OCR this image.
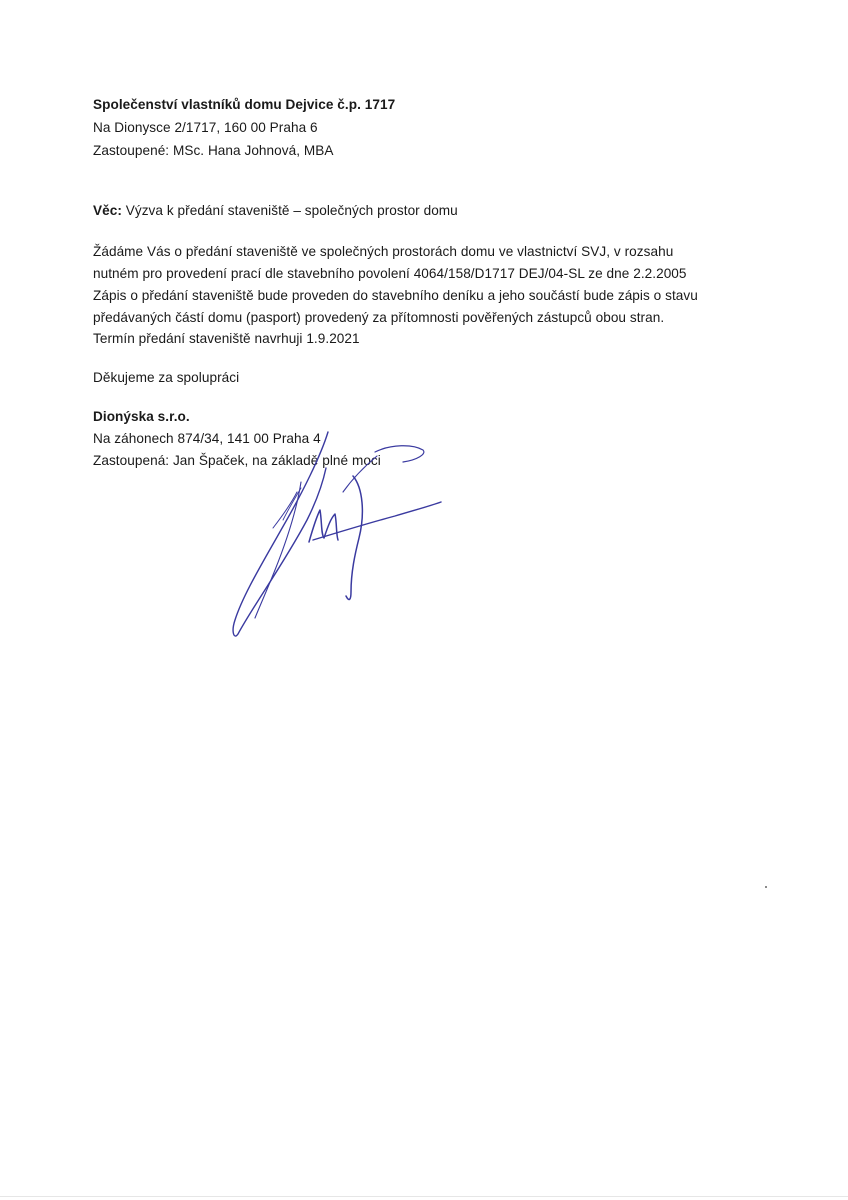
Společenství vlastníků domu Dejvice č.p. 1717
Na Dionysce 2/1717, 160 00 Praha 6
Zastoupené: MSc. Hana Johnová, MBA
Věc: Výzva k předání staveniště – společných prostor domu
Žádáme Vás o předání staveniště ve společných prostorách domu ve vlastnictví SVJ, v rozsahu
nutném pro provedení prací dle stavebního povolení 4064/158/D1717 DEJ/04-SL ze dne 2.2.2005
Zápis o předání staveniště bude proveden do stavebního deníku a jeho součástí bude zápis o stavu
předávaných částí domu (pasport) provedený za přítomnosti pověřených zástupců obou stran.
Termín předání staveniště navrhuji 1.9.2021
Děkujeme za spolupráci
Dionýska s.r.o.
Na záhonech 874/34, 141 00 Praha 4
Zastoupená: Jan Špaček, na základě plné moci
